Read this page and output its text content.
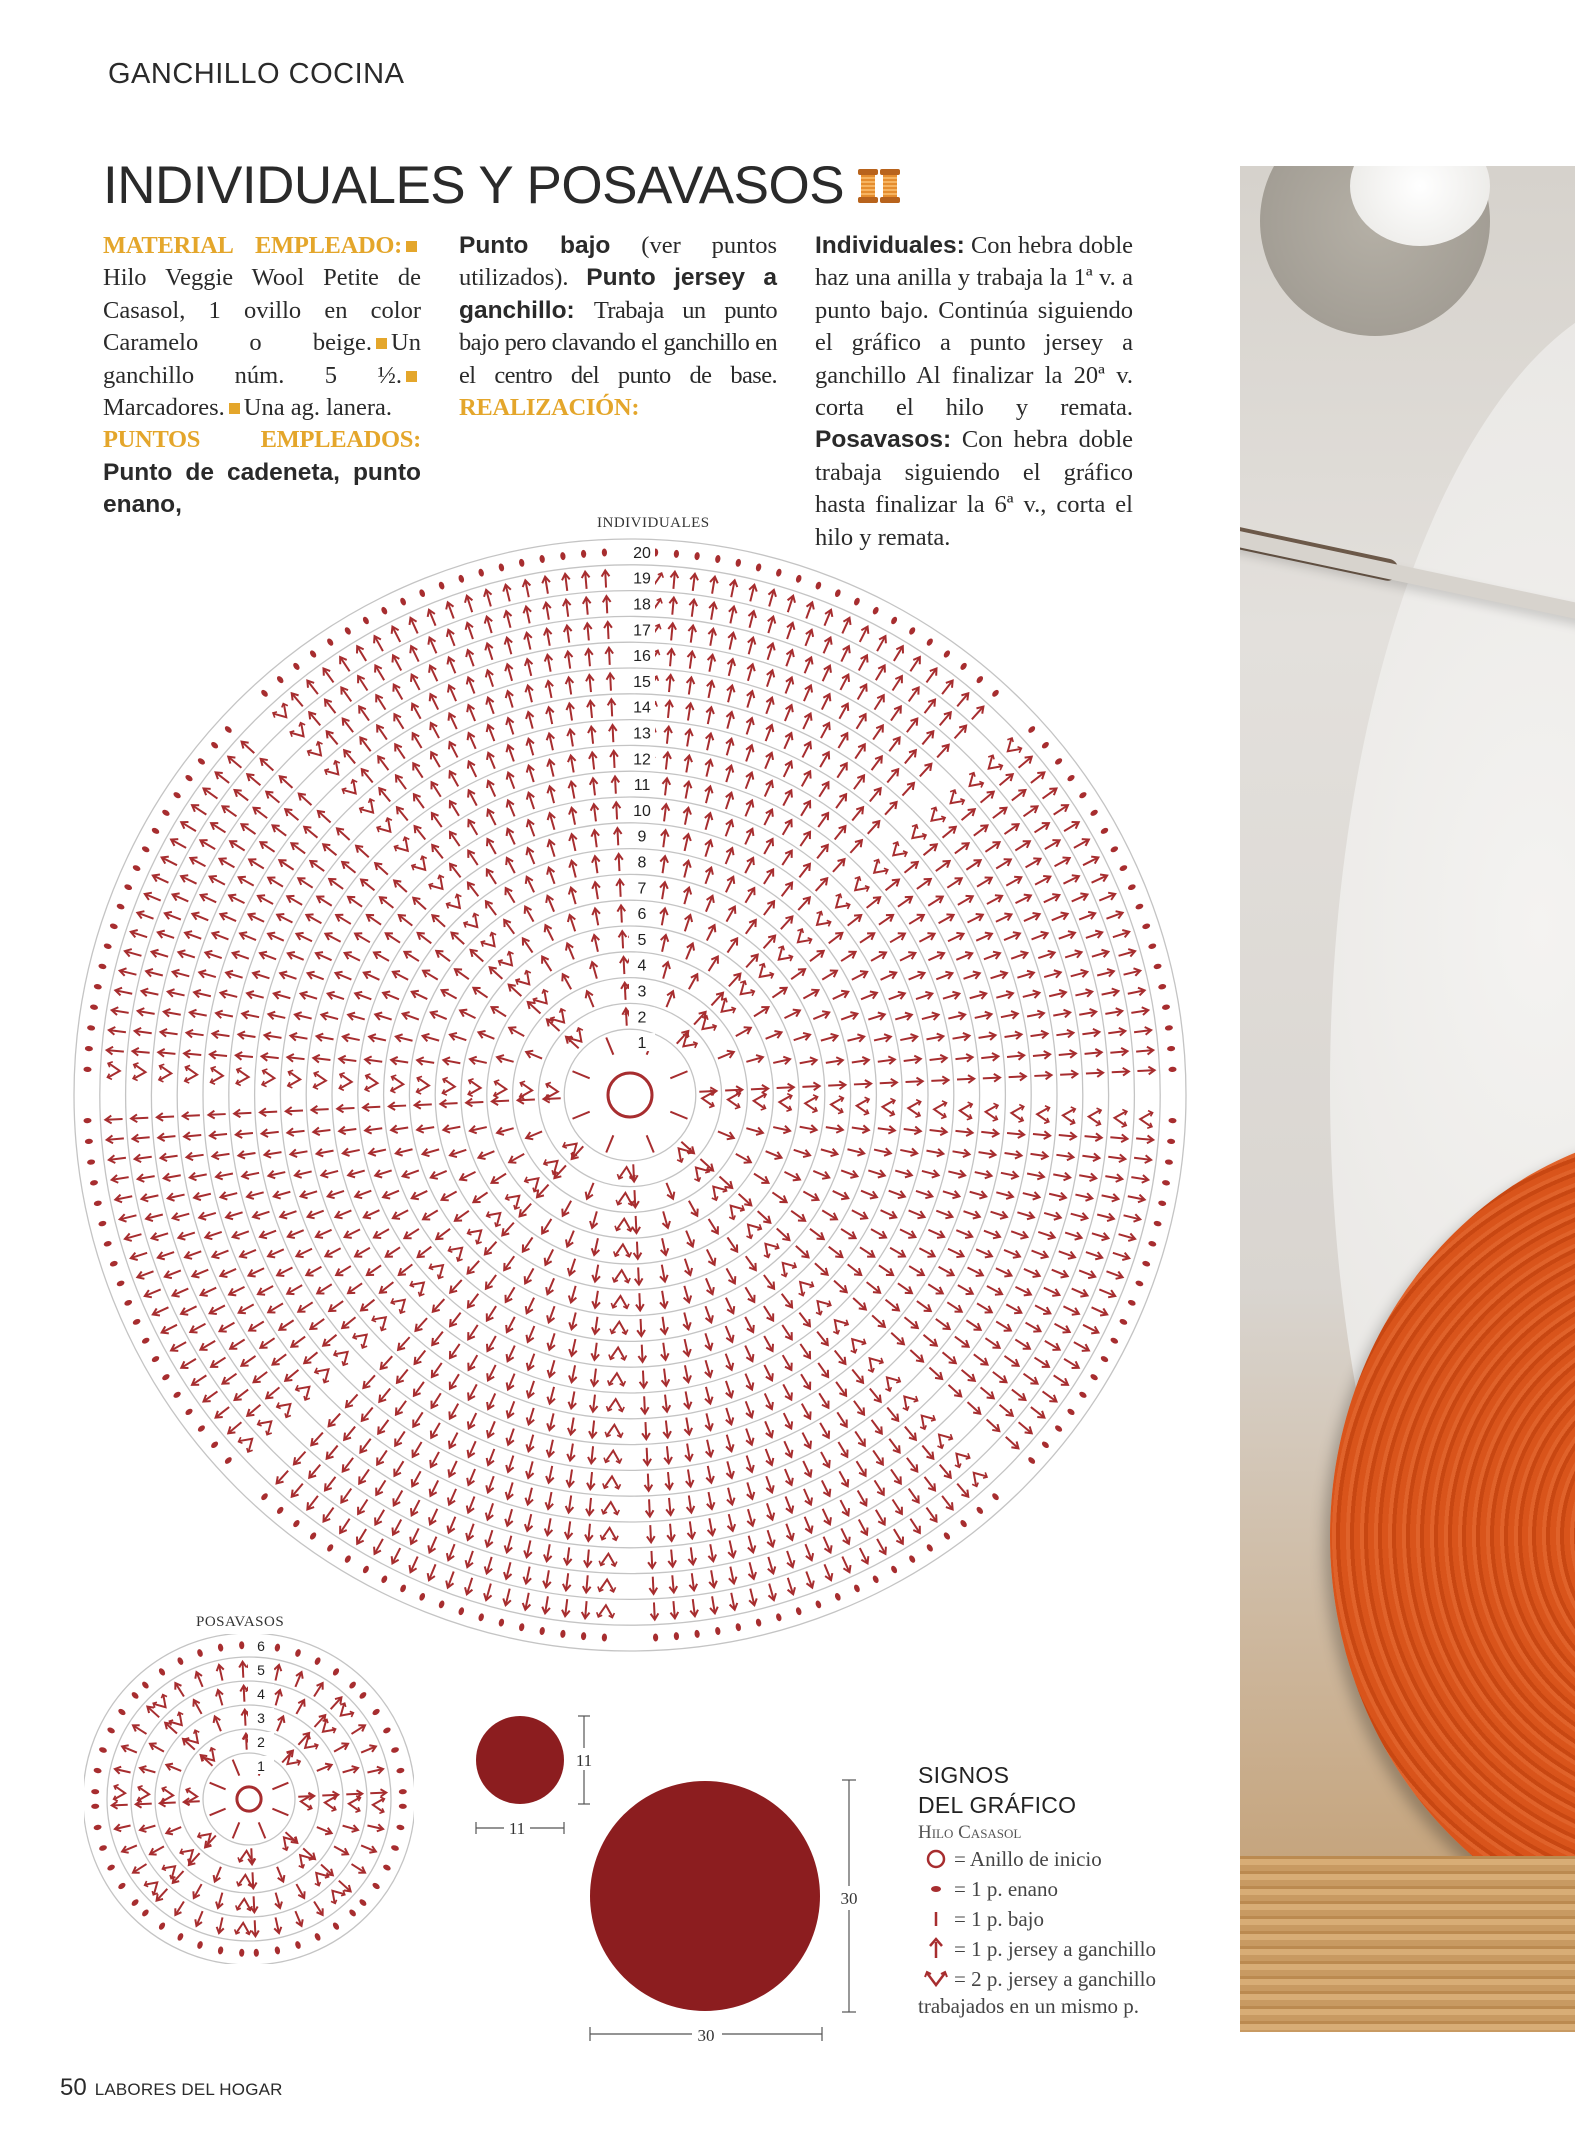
GANCHILLO COCINA
INDIVIDUALES Y POSAVASOS

MATERIAL EMPLEADO:Hilo Veggie Wool Petite de Casasol, 1 ovillo en color Caramelo o beige. Un ganchillo núm. 5 ½.Marcadores. Una ag. lanera.
PUNTOS EMPLEADOS: Punto de cadeneta, punto enano,

Punto bajo (ver puntos utilizados). Punto jersey a ganchillo: Trabaja un punto bajo pero clavando el ganchillo en el centro del punto de base. REALIZACIÓN:

INDIVIDUALES
1
2
3
4
5
6
7
8
9
10
11
12
13
14
15
16
17
18
19
20
POSAVASOS
1
2
3
4
5
6
11
11
30
30

Individuales: Con hebra doble haz una anilla y trabaja la 1ª v. a punto bajo. Continúa siguiendo el gráfico a punto jersey a ganchillo Al finalizar la 20ª v. corta el hilo y remata. Posavasos: Con hebra doble trabaja siguiendo el gráfico hasta finalizar la 6ª v., corta el hilo y remata.

SIGNOS
DEL GRÁFICO
Hilo Casasol
= Anillo de inicio
= 1 p. enano
= 1 p. bajo
= 1 p. jersey a ganchillo
= 2 p. jersey a ganchillo
trabajados en un mismo p.
50 LABORES DEL HOGAR
